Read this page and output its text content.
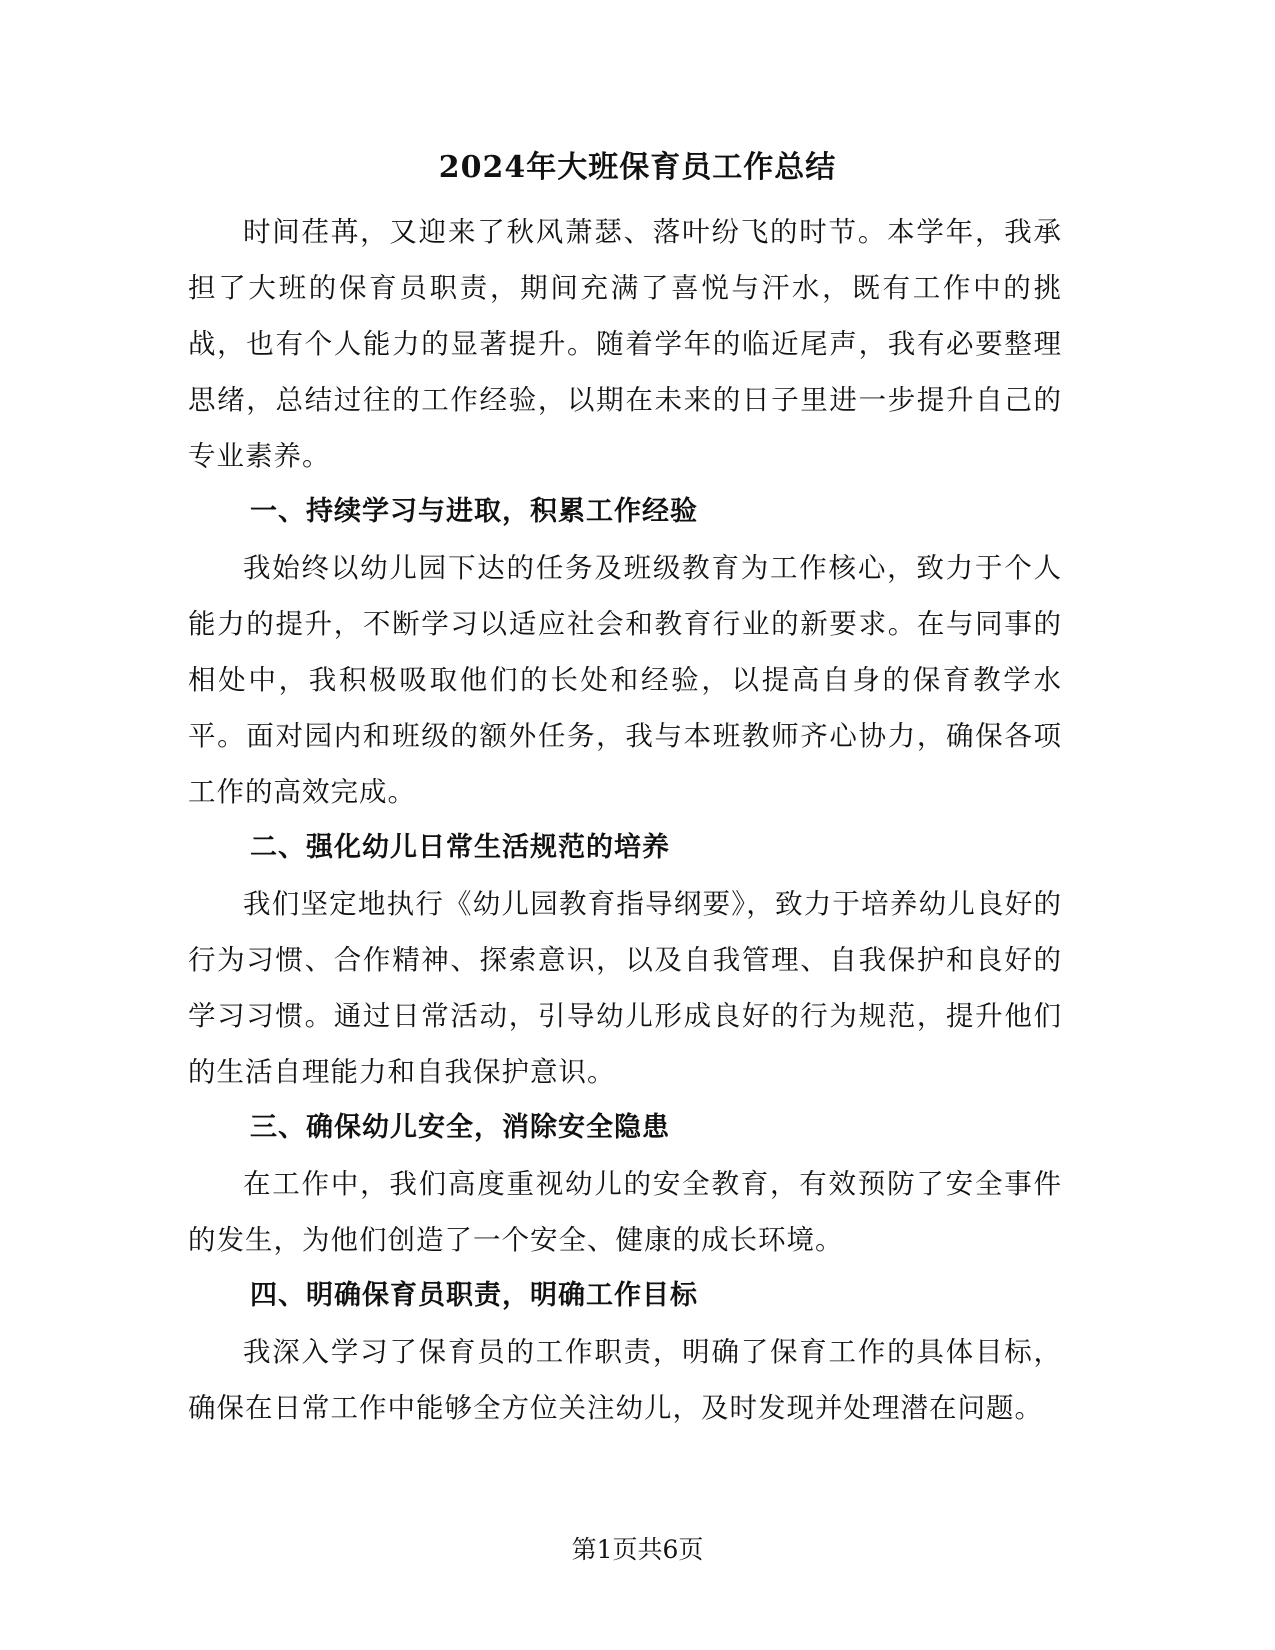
2024年大班保育员工作总结

时间荏苒，又迎来了秋风萧瑟、落叶纷飞的时节。本学年，我承担了大班的保育员职责，期间充满了喜悦与汗水，既有工作中的挑战，也有个人能力的显著提升。随着学年的临近尾声，我有必要整理思绪，总结过往的工作经验，以期在未来的日子里进一步提升自己的专业素养。

一、持续学习与进取，积累工作经验

我始终以幼儿园下达的任务及班级教育为工作核心，致力于个人能力的提升，不断学习以适应社会和教育行业的新要求。在与同事的相处中，我积极吸取他们的长处和经验，以提高自身的保育教学水平。面对园内和班级的额外任务，我与本班教师齐心协力，确保各项工作的高效完成。

二、强化幼儿日常生活规范的培养

我们坚定地执行《幼儿园教育指导纲要》，致力于培养幼儿良好的行为习惯、合作精神、探索意识，以及自我管理、自我保护和良好的学习习惯。通过日常活动，引导幼儿形成良好的行为规范，提升他们的生活自理能力和自我保护意识。

三、确保幼儿安全，消除安全隐患

在工作中，我们高度重视幼儿的安全教育，有效预防了安全事件的发生，为他们创造了一个安全、健康的成长环境。

四、明确保育员职责，明确工作目标

我深入学习了保育员的工作职责，明确了保育工作的具体目标，确保在日常工作中能够全方位关注幼儿，及时发现并处理潜在问题。

第1页共6页
